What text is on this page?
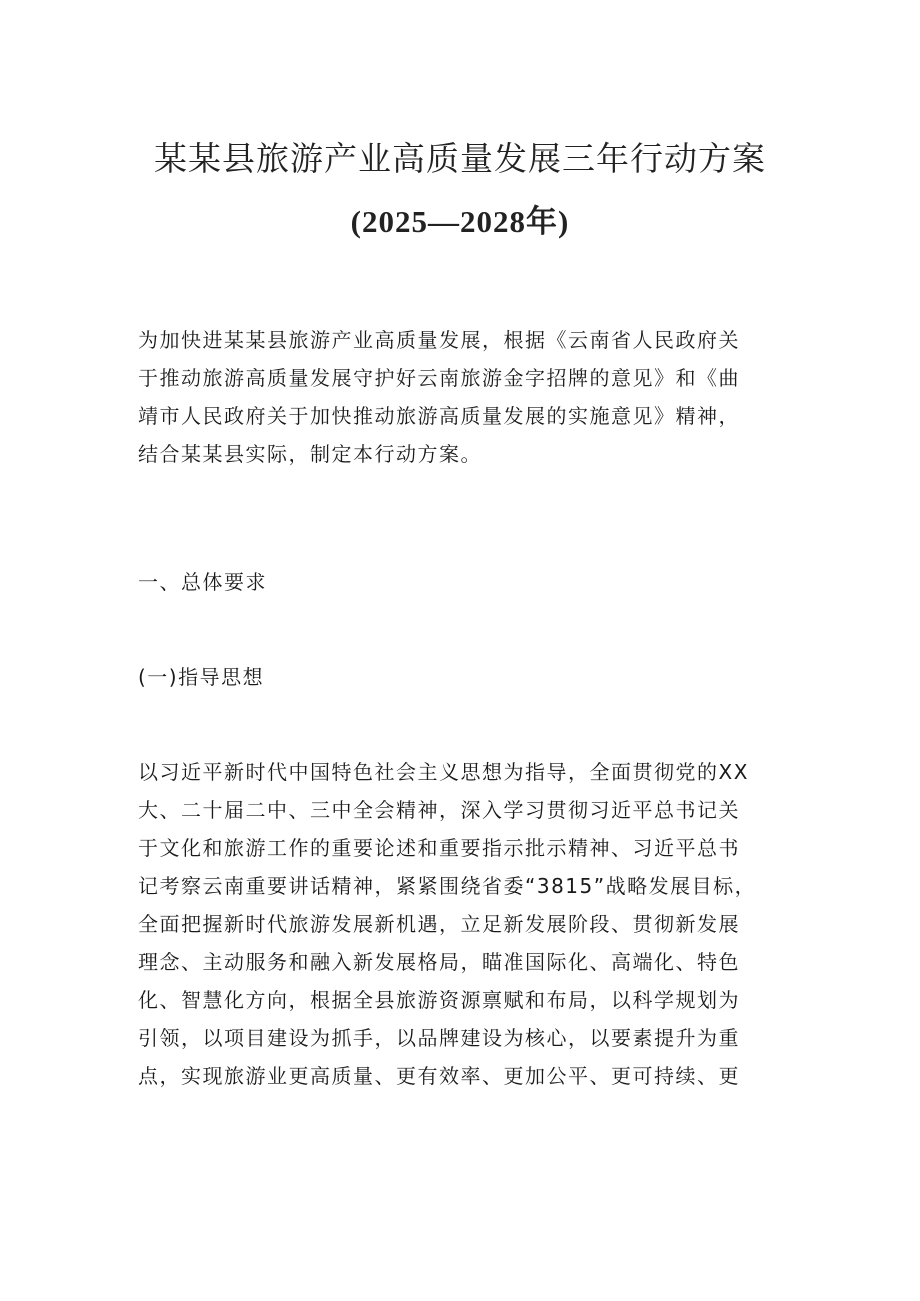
某某县旅游产业高质量发展三年行动方案
(2025—2028年)
为加快进某某县旅游产业高质量发展，根据《云南省人民政府关
于推动旅游高质量发展守护好云南旅游金字招牌的意见》和《曲
靖市人民政府关于加快推动旅游高质量发展的实施意见》精神，
结合某某县实际，制定本行动方案。
一、总体要求
(一)指导思想
以习近平新时代中国特色社会主义思想为指导，全面贯彻党的XX
大、二十届二中、三中全会精神，深入学习贯彻习近平总书记关
于文化和旅游工作的重要论述和重要指示批示精神、习近平总书
记考察云南重要讲话精神，紧紧围绕省委“3815”战略发展目标，
全面把握新时代旅游发展新机遇，立足新发展阶段、贯彻新发展
理念、主动服务和融入新发展格局，瞄准国际化、高端化、特色
化、智慧化方向，根据全县旅游资源禀赋和布局，以科学规划为
引领，以项目建设为抓手，以品牌建设为核心，以要素提升为重
点，实现旅游业更高质量、更有效率、更加公平、更可持续、更
